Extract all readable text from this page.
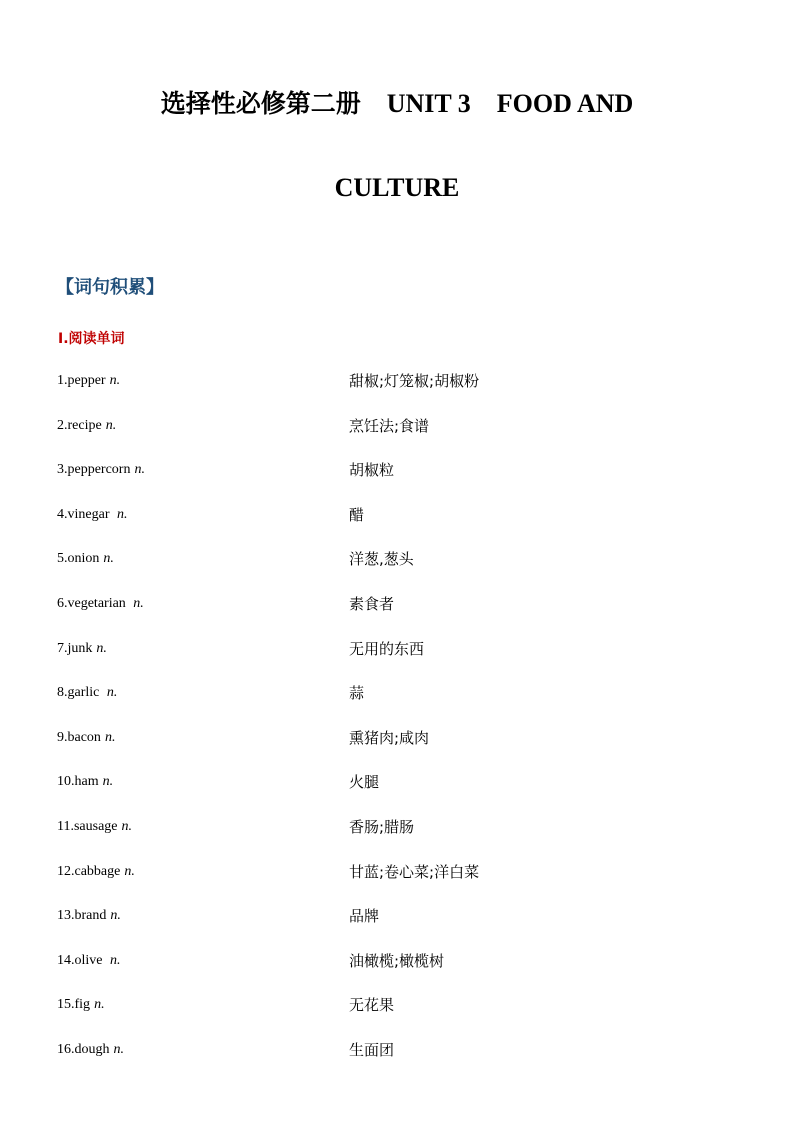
选择性必修第二册 UNIT 3    FOOD AND
CULTURE
【词句积累】
Ⅰ.阅读单词
1.pepper n.	甜椒;灯笼椒;胡椒粉
2.recipe n.	烹饪法;食谱
3.peppercorn n.	胡椒粒
4.vinegar n.	醋
5.onion n.	洋葱,葱头
6.vegetarian n.	素食者
7.junk n.	无用的东西
8.garlic n.	蒜
9.bacon n.	熏猪肉;咸肉
10.ham n.	火腿
11.sausage n.	香肠;腊肠
12.cabbage n.	甘蓝;卷心菜;洋白菜
13.brand n.	品牌
14.olive n.	油橄榄;橄榄树
15.fig n.	无花果
16.dough n.	生面团
